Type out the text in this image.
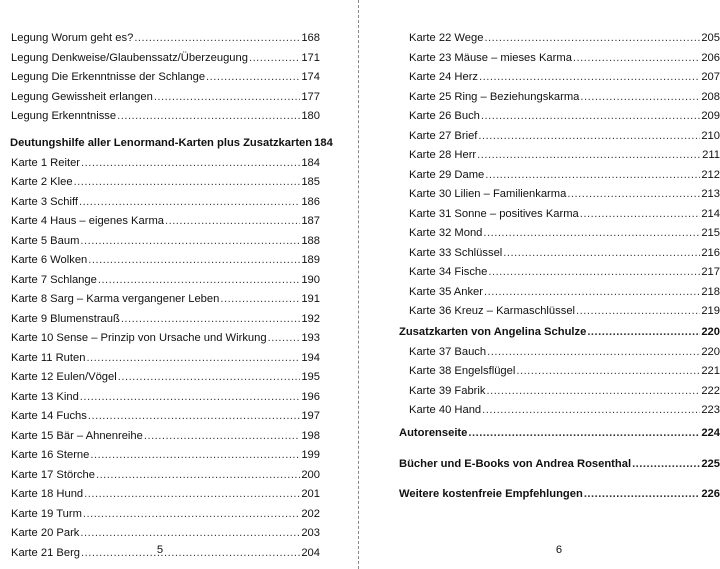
Legung Worum geht es? .....	168
Legung Denkweise/Glaubenssatz/Überzeugung .....	171
Legung Die Erkenntnisse der Schlange .....	174
Legung Gewissheit erlangen .....	177
Legung Erkenntnisse .....	180
Deutungshilfe aller Lenormand-Karten plus Zusatzkarten 184
Karte 1 Reiter .....	184
Karte 2 Klee .....	185
Karte 3 Schiff .....	186
Karte 4 Haus – eigenes Karma .....	187
Karte 5 Baum .....	188
Karte 6 Wolken .....	189
Karte 7 Schlange .....	190
Karte 8 Sarg – Karma vergangener Leben .....	191
Karte 9 Blumenstrauß .....	192
Karte 10 Sense – Prinzip von Ursache und Wirkung .....	193
Karte 11 Ruten .....	194
Karte 12 Eulen/Vögel .....	195
Karte 13 Kind .....	196
Karte 14 Fuchs .....	197
Karte 15 Bär – Ahnenreihe .....	198
Karte 16 Sterne .....	199
Karte 17 Störche .....	200
Karte 18 Hund .....	201
Karte 19 Turm .....	202
Karte 20 Park .....	203
Karte 21 Berg .....	204
5
Karte 22 Wege .....	205
Karte 23 Mäuse – mieses Karma .....	206
Karte 24 Herz .....	207
Karte 25 Ring – Beziehungskarma .....	208
Karte 26 Buch .....	209
Karte 27 Brief .....	210
Karte 28 Herr .....	211
Karte 29 Dame .....	212
Karte 30 Lilien – Familienkarma .....	213
Karte 31 Sonne – positives Karma .....	214
Karte 32 Mond .....	215
Karte 33 Schlüssel .....	216
Karte 34 Fische .....	217
Karte 35 Anker .....	218
Karte 36 Kreuz – Karmaschlüssel .....	219
Zusatzkarten von Angelina Schulze .....	220
Karte 37 Bauch .....	220
Karte 38 Engelsflügel .....	221
Karte 39 Fabrik .....	222
Karte 40 Hand .....	223
Autorenseite .....	224
Bücher und E-Books von Andrea Rosenthal .....	225
Weitere kostenfreie Empfehlungen .....	226
6
